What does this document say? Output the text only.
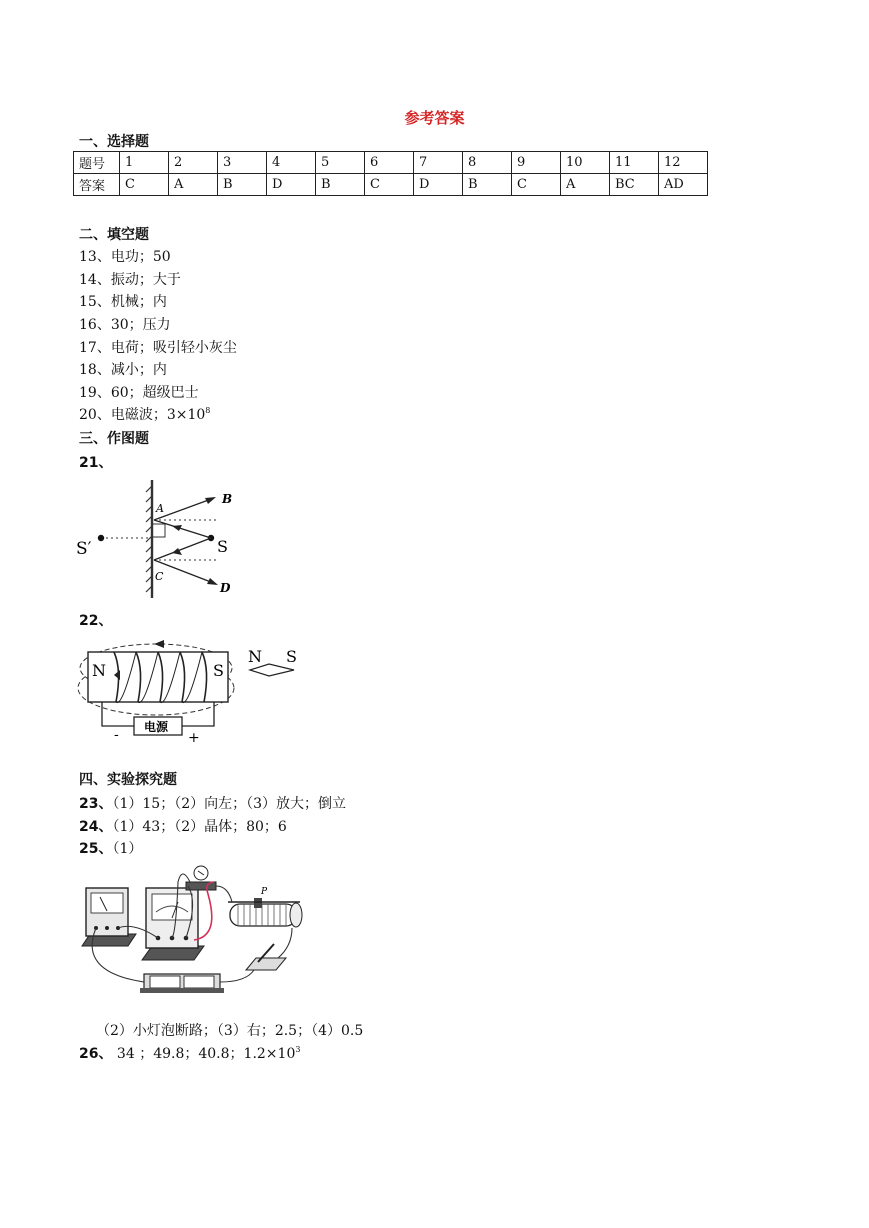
参考答案
一、选择题
题号	1	2	3	4	5	6	7	8	9	10	11	12
答案	C	A	B	D	B	C	D	B	C	A	BC	AD
二、填空题
13、电功；50
14、振动；大于
15、机械；内
16、30；压力
17、电荷；吸引轻小灰尘
18、减小；内
19、60；超级巴士
20、电磁波；$3\times 10^8$
三、作图题
21、
S′	S
A
B
C
D
22、
N	S
电源
-	+
N S
四、实验探究题
23、（1）15；（2）向左；（3）放大；倒立
24、（1）43；（2）晶体；80；6
25、（1）
P
（2）小灯泡断路；（3）右；2.5；（4）0.5
26、 34 ；49.8；40.8；$1.2\times 10^3$
